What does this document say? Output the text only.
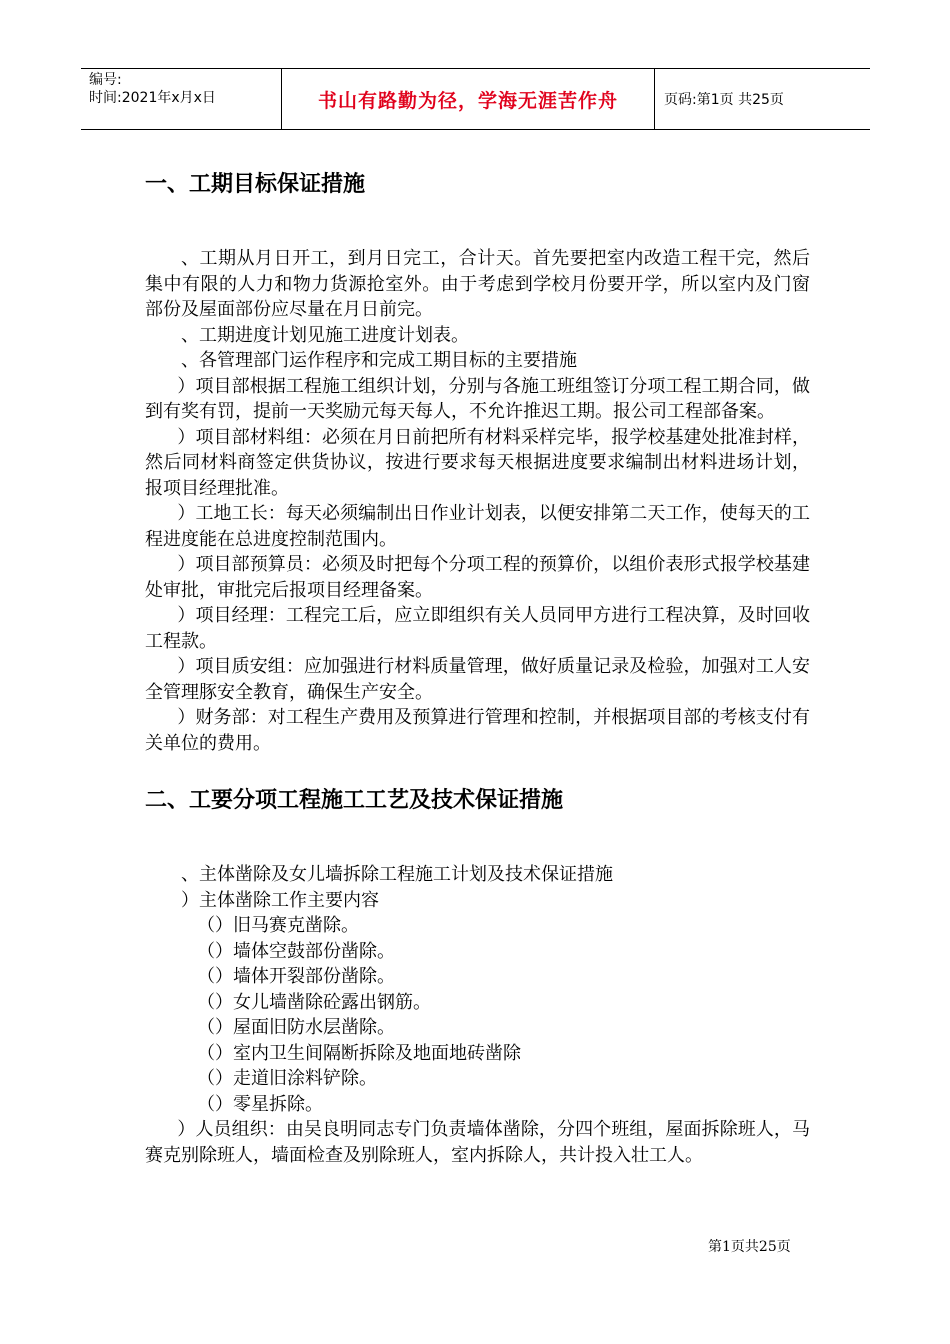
编号:
时间:2021年x月x日	书山有路勤为径，学海无涯苦作舟	页码:第1页 共25页
一、工期目标保证措施

、工期从月日开工，到月日完工，合计天。首先要把室内改造工程干完，然后集中有限的人力和物力货源抢室外。由于考虑到学校月份要开学，所以室内及门窗部份及屋面部份应尽量在月日前完。

、工期进度计划见施工进度计划表。

、各管理部门运作程序和完成工期目标的主要措施

）项目部根据工程施工组织计划，分别与各施工班组签订分项工程工期合同，做到有奖有罚，提前一天奖励元每天每人，不允许推迟工期。报公司工程部备案。

）项目部材料组：必须在月日前把所有材料采样完毕，报学校基建处批准封样，然后同材料商签定供货协议，按进行要求每天根据进度要求编制出材料进场计划，报项目经理批准。

）工地工长：每天必须编制出日作业计划表，以便安排第二天工作，使每天的工程进度能在总进度控制范围内。

）项目部预算员：必须及时把每个分项工程的预算价，以组价表形式报学校基建处审批，审批完后报项目经理备案。

）项目经理：工程完工后，应立即组织有关人员同甲方进行工程决算，及时回收工程款。

）项目质安组：应加强进行材料质量管理，做好质量记录及检验，加强对工人安全管理豚安全教育，确保生产安全。

）财务部：对工程生产费用及预算进行管理和控制，并根据项目部的考核支付有关单位的费用。

二、工要分项工程施工工艺及技术保证措施

、主体凿除及女儿墙拆除工程施工计划及技术保证措施

）主体凿除工作主要内容

（）旧马赛克凿除。

（）墙体空鼓部份凿除。

（）墙体开裂部份凿除。

（）女儿墙凿除砼露出钢筋。

（）屋面旧防水层凿除。

（）室内卫生间隔断拆除及地面地砖凿除

（）走道旧涂料铲除。

（）零星拆除。

）人员组织：由吴良明同志专门负责墙体凿除，分四个班组，屋面拆除班人，马赛克别除班人，墙面检查及别除班人，室内拆除人，共计投入壮工人。

第1页共25页
